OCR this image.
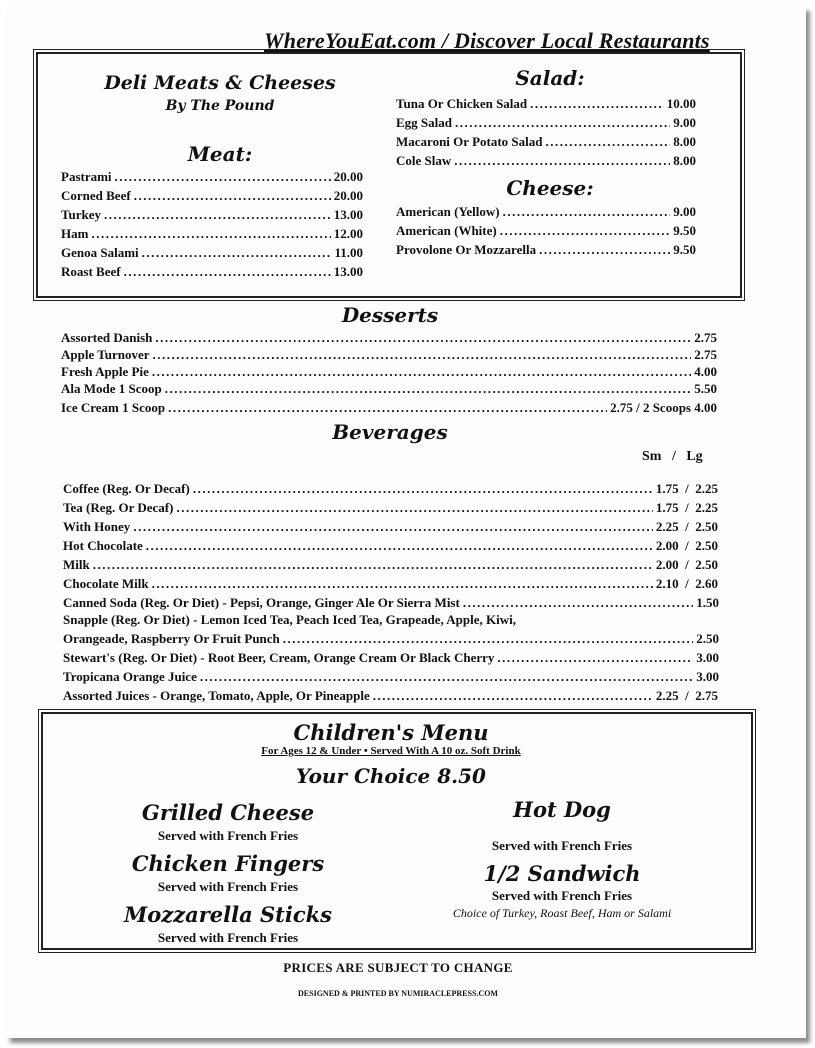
WhereYouEat.com / Discover Local Restaurants
Deli Meats & Cheeses
By The Pound
Meat:
Pastrami .....	20.00
Corned Beef .....	20.00
Turkey .....	13.00
Ham .....	12.00
Genoa Salami .....	11.00
Roast Beef .....	13.00
Salad:
Tuna Or Chicken Salad .....	10.00
Egg Salad .....	9.00
Macaroni Or Potato Salad .....	8.00
Cole Slaw .....	8.00
Cheese:
American (Yellow) .....	9.00
American (White) .....	9.50
Provolone Or Mozzarella .....	9.50
Desserts
Assorted Danish .....	2.75
Apple Turnover .....	2.75
Fresh Apple Pie .....	4.00
Ala Mode 1 Scoop .....	5.50
Ice Cream 1 Scoop .....	2.75 / 2 Scoops 4.00
Beverages
Sm   /   Lg
Coffee (Reg. Or Decaf) .....	1.75  /  2.25
Tea (Reg. Or Decaf) .....	1.75  /  2.25
With Honey .....	2.25  /  2.50
Hot Chocolate .....	2.00  /  2.50
Milk .....	2.00  /  2.50
Chocolate Milk .....	2.10  /  2.60
Canned Soda (Reg. Or Diet) - Pepsi, Orange, Ginger Ale Or Sierra Mist .....	1.50
Snapple (Reg. Or Diet) - Lemon Iced Tea, Peach Iced Tea, Grapeade, Apple, Kiwi,
Orangeade, Raspberry Or Fruit Punch .....	2.50
Stewart's (Reg. Or Diet) - Root Beer, Cream, Orange Cream Or Black Cherry .....	3.00
Tropicana Orange Juice .....	3.00
Assorted Juices - Orange, Tomato, Apple, Or Pineapple .....	2.25  /  2.75
Children's Menu
For Ages 12 & Under • Served With A 10 oz. Soft Drink
Your Choice 8.50
Grilled Cheese
Served with French Fries
Chicken Fingers
Served with French Fries
Mozzarella Sticks
Served with French Fries
Hot Dog
Served with French Fries
1/2 Sandwich
Served with French Fries
Choice of Turkey, Roast Beef, Ham or Salami
PRICES ARE SUBJECT TO CHANGE
DESIGNED & PRINTED BY NUMIRACLEPRESS.COM
